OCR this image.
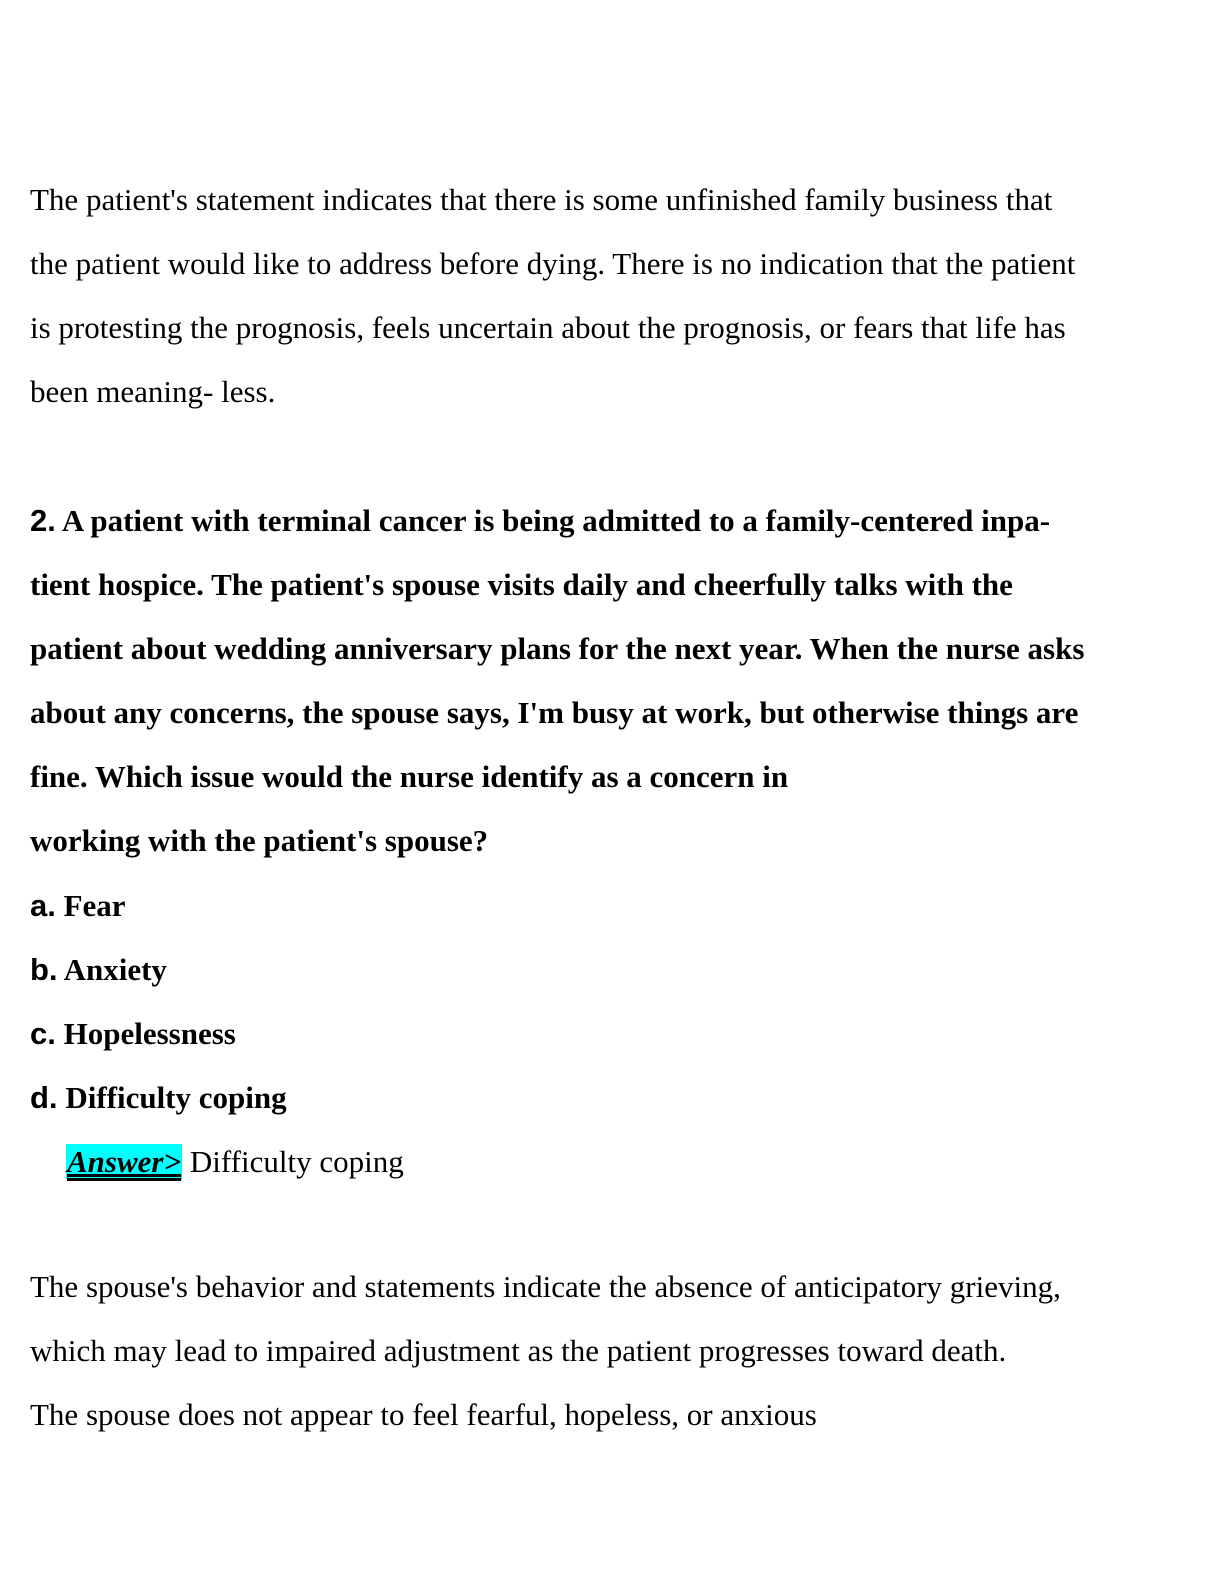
The patient's statement indicates that there is some unfinished family business that
the patient would like to address before dying. There is no indication that the patient
is protesting the prognosis, feels uncertain about the prognosis, or fears that life has
been meaning- less.
2. A patient with terminal cancer is being admitted to a family-centered inpa-
tient hospice. The patient's spouse visits daily and cheerfully talks with the
patient about wedding anniversary plans for the next year. When the nurse asks
about any concerns, the spouse says, I'm busy at work, but otherwise things are
fine. Which issue would the nurse identify as a concern in
working with the patient's spouse?
a. Fear
b. Anxiety
c. Hopelessness
d. Difficulty coping
Answer> Difficulty coping
The spouse's behavior and statements indicate the absence of anticipatory grieving,
which may lead to impaired adjustment as the patient progresses toward death.
The spouse does not appear to feel fearful, hopeless, or anxious
